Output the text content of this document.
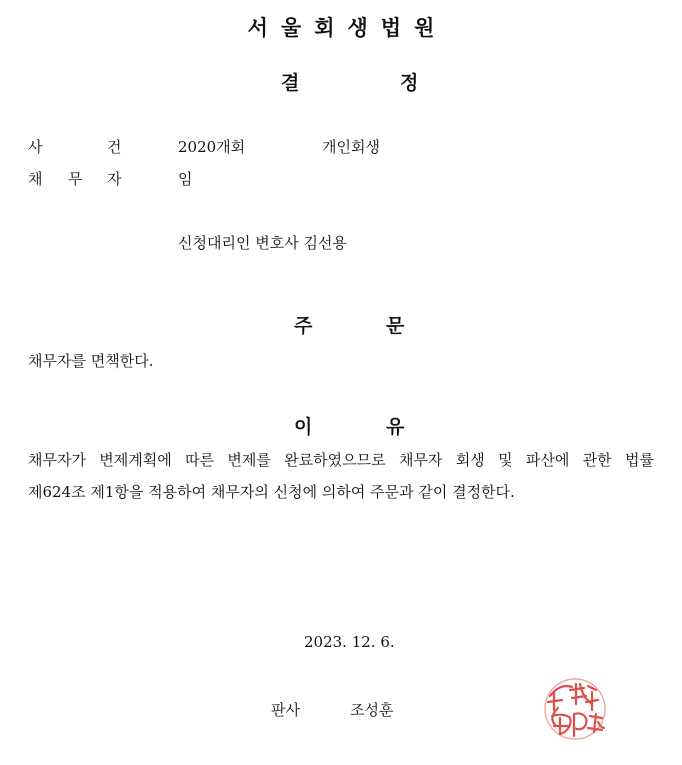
서울회생법원
결	정
사	건	2020개회	개인회생
채 무 자	임
신청대리인 변호사 김선용
주	문
채무자를 면책한다.
이	유
채무자가 변제계획에 따른 변제를 완료하였으므로 채무자 회생 및 파산에 관한 법률
제624조 제1항을 적용하여 채무자의 신청에 의하여 주문과 같이 결정한다.
2023. 12. 6.
판사	조성훈
